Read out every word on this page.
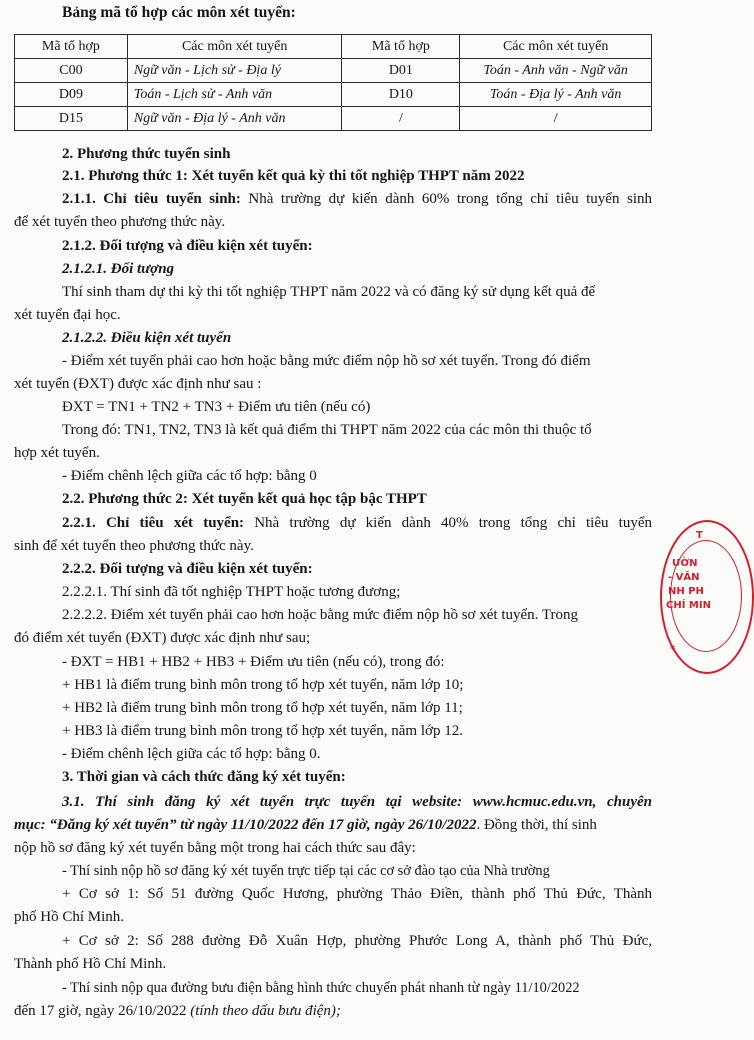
Bảng mã tổ hợp các môn xét tuyển:
Mã tổ hợp	Các môn xét tuyển	Mã tổ hợp	Các môn xét tuyển
C00	Ngữ văn - Lịch sử - Địa lý	D01	Toán - Anh văn - Ngữ văn
D09	Toán - Lịch sử - Anh văn	D10	Toán - Địa lý - Anh văn
D15	Ngữ văn - Địa lý - Anh văn	/	/
2. Phương thức tuyển sinh
2.1. Phương thức 1: Xét tuyển kết quả kỳ thi tốt nghiệp THPT năm 2022
2.1.1. Chỉ tiêu tuyển sinh: Nhà trường dự kiến dành 60% trong tổng chỉ tiêu tuyển sinh
để xét tuyển theo phương thức này.
2.1.2. Đối tượng và điều kiện xét tuyển:
2.1.2.1. Đối tượng
Thí sinh tham dự thi kỳ thi tốt nghiệp THPT năm 2022 và có đăng ký sử dụng kết quả để
xét tuyển đại học.
2.1.2.2. Điều kiện xét tuyển
- Điểm xét tuyển phải cao hơn hoặc bằng mức điểm nộp hồ sơ xét tuyển. Trong đó điểm
xét tuyển (ĐXT) được xác định như sau :
ĐXT = TN1 + TN2 + TN3 + Điểm ưu tiên (nếu có)
Trong đó: TN1, TN2, TN3 là kết quả điểm thi THPT năm 2022 của các môn thi thuộc tổ
hợp xét tuyển.
- Điểm chênh lệch giữa các tổ hợp: bằng 0
2.2. Phương thức 2: Xét tuyển kết quả học tập bậc THPT
2.2.1. Chỉ tiêu xét tuyển: Nhà trường dự kiến dành 40% trong tổng chỉ tiêu tuyển
sinh để xét tuyển theo phương thức này.
2.2.2. Đối tượng và điều kiện xét tuyển:
2.2.2.1. Thí sinh đã tốt nghiệp THPT hoặc tương đương;
2.2.2.2. Điểm xét tuyển phải cao hơn hoặc bằng mức điểm nộp hồ sơ xét tuyển. Trong
đó điểm xét tuyển (ĐXT) được xác định như sau;
- ĐXT = HB1 + HB2 + HB3 + Điểm ưu tiên (nếu có), trong đó:
+ HB1 là điểm trung bình môn trong tổ hợp xét tuyển, năm lớp 10;
+ HB2 là điểm trung bình môn trong tổ hợp xét tuyển, năm lớp 11;
+ HB3 là điểm trung bình môn trong tổ hợp xét tuyển, năm lớp 12.
- Điểm chênh lệch giữa các tổ hợp: bằng 0.
3. Thời gian và cách thức đăng ký xét tuyển:
3.1. Thí sinh đăng ký xét tuyển trực tuyến tại website: www.hcmuc.edu.vn, chuyên
mục: “Đăng ký xét tuyển” từ ngày 11/10/2022 đến 17 giờ, ngày 26/10/2022. Đồng thời, thí sinh
nộp hồ sơ đăng ký xét tuyển bằng một trong hai cách thức sau đây:
- Thí sinh nộp hồ sơ đăng ký xét tuyển trực tiếp tại các cơ sở đào tạo của Nhà trường
+ Cơ sở 1: Số 51 đường Quốc Hương, phường Thảo Điền, thành phố Thủ Đức, Thành
phố Hồ Chí Minh.
+ Cơ sở 2: Số 288 đường Đỗ Xuân Hợp, phường Phước Long A, thành phố Thủ Đức,
Thành phố Hồ Chí Minh.
- Thí sinh nộp qua đường bưu điện bằng hình thức chuyển phát nhanh từ ngày 11/10/2022
đến 17 giờ, ngày 26/10/2022 (tính theo dấu bưu điện);
T
ƯỜN
- VĂN
NH PH
CHÍ MIN
*
